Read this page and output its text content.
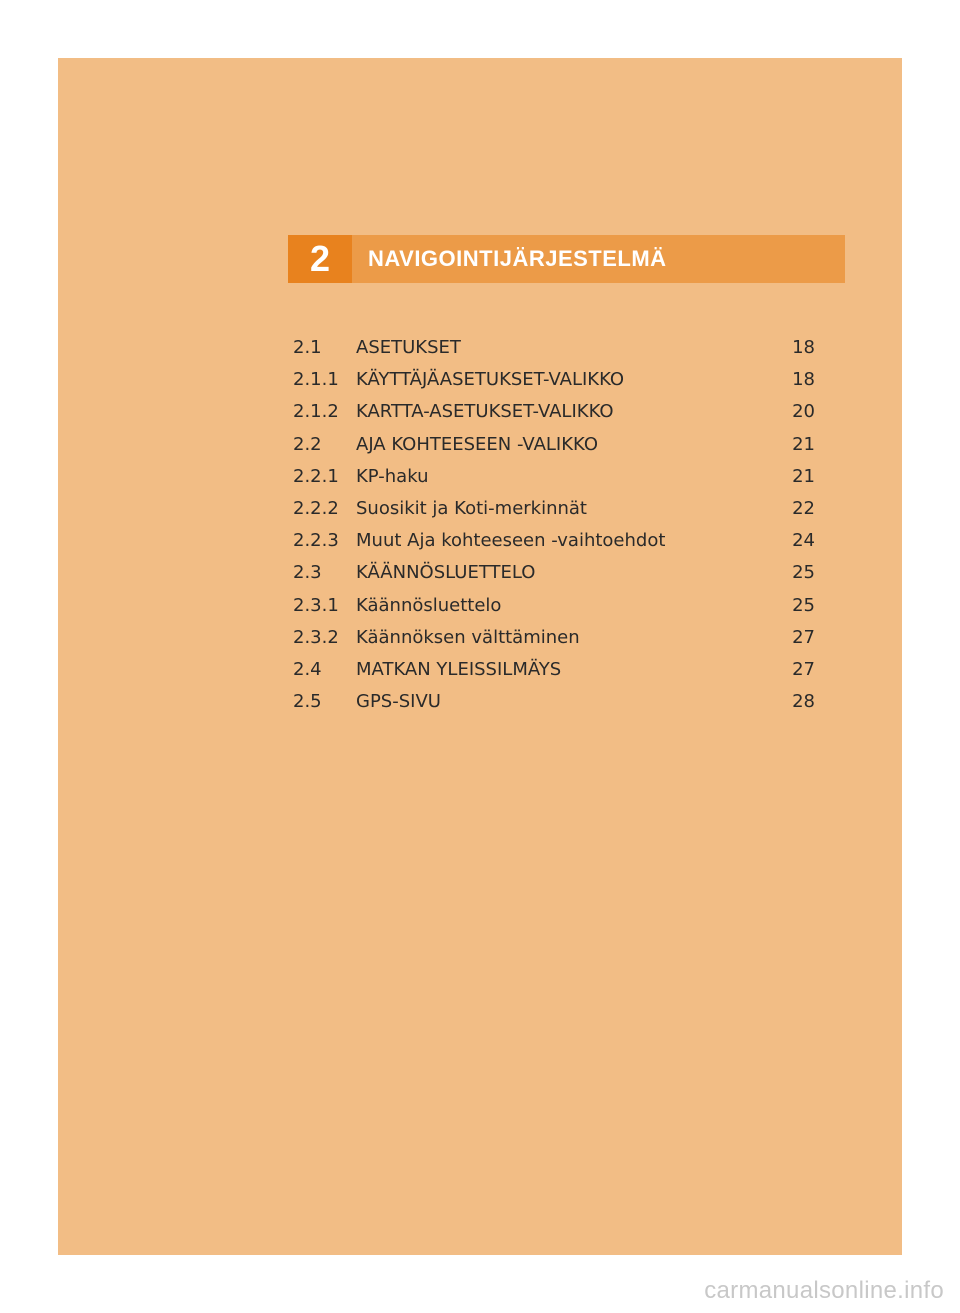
2	NAVIGOINTIJÄRJESTELMÄ
2.1 ASETUKSET	18
2.1.1 KÄYTTÄJÄASETUKSET-VALIKKO	18
2.1.2 KARTTA-ASETUKSET-VALIKKO	20
2.2 AJA KOHTEESEEN -VALIKKO	21
2.2.1 KP-haku	21
2.2.2 Suosikit ja Koti-merkinnät	22
2.2.3 Muut Aja kohteeseen -vaihtoehdot	24
2.3 KÄÄNNÖSLUETTELO	25
2.3.1 Käännösluettelo	25
2.3.2 Käännöksen välttäminen	27
2.4 MATKAN YLEISSILMÄYS	27
2.5 GPS-SIVU	28
carmanualsonline.info
